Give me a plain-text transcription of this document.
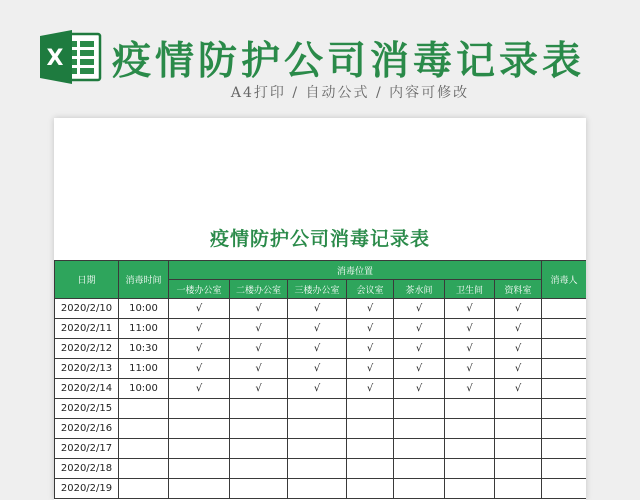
X 疫情防护公司消毒记录表
A4打印 / 自动公式 / 内容可修改
疫情防护公司消毒记录表
日期	消毒时间	消毒位置							消毒人
		一楼办公室	二楼办公室	三楼办公室	会议室	茶水间	卫生间	资料室	
2020/2/10	10:00	√	√	√	√	√	√	√	
2020/2/11	11:00	√	√	√	√	√	√	√	
2020/2/12	10:30	√	√	√	√	√	√	√	
2020/2/13	11:00	√	√	√	√	√	√	√	
2020/2/14	10:00	√	√	√	√	√	√	√	
2020/2/15									
2020/2/16									
2020/2/17									
2020/2/18									
2020/2/19									
